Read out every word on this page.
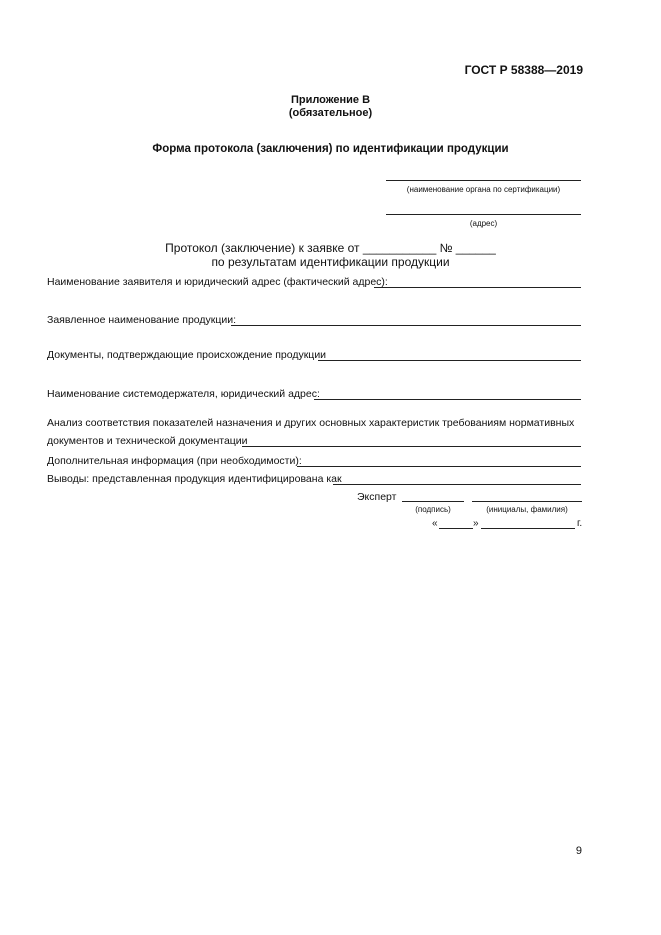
ГОСТ Р 58388—2019
Приложение В
(обязательное)
Форма протокола (заключения) по идентификации продукции
(наименование органа по сертификации)
(адрес)
Протокол (заключение) к заявке от ___________ № ______
по результатам идентификации продукции
Наименование заявителя и юридический адрес (фактический адрес):
Заявленное наименование продукции:
Документы, подтверждающие происхождение продукции
Наименование системодержателя, юридический адрес:
Анализ соответствия показателей назначения и других основных характеристик требованиям нормативных
документов и технической документации
Дополнительная информация (при необходимости):
Выводы: представленная продукция идентифицирована как
Эксперт
(подпись)	(инициалы, фамилия)
«	»	г.
9
